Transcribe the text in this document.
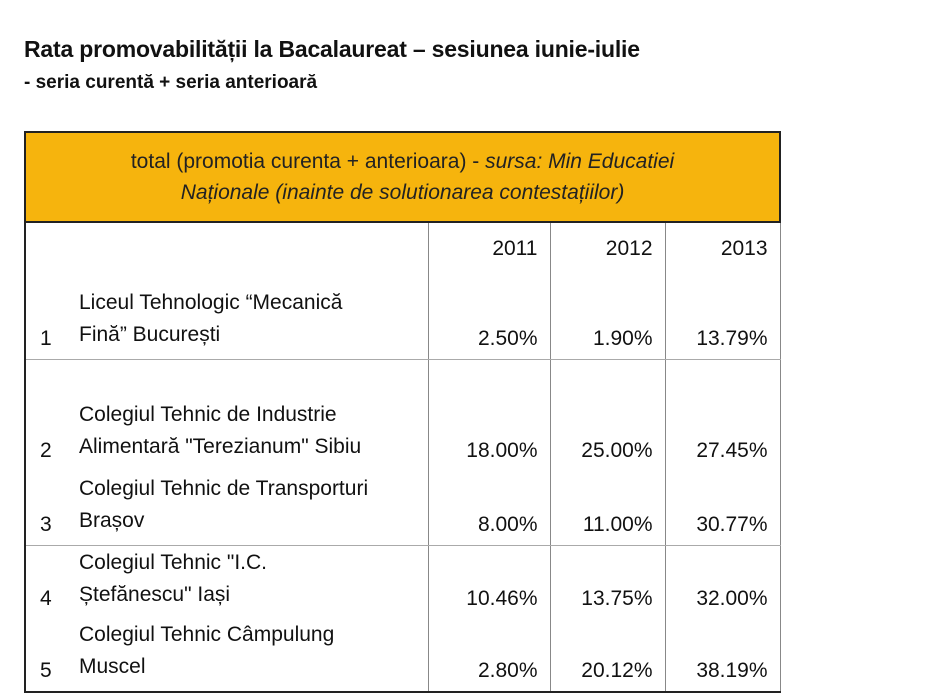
Rata promovabilității la Bacalaureat – sesiunea iunie-iulie
- seria curentă + seria anterioară
total (promotia curenta + anterioara) - sursa: Min Educatiei
Naționale (inainte de solutionarea contestațiilor)				
		2011	2012	2013
1	Liceul Tehnologic “Mecanică
Fină” București	2.50%	1.90%	13.79%
2	Colegiul Tehnic de Industrie
Alimentară "Terezianum" Sibiu	18.00%	25.00%	27.45%
3	Colegiul Tehnic de Transporturi
Brașov	8.00%	11.00%	30.77%
4	Colegiul Tehnic "I.C.
Ștefănescu" Iași	10.46%	13.75%	32.00%
5	Colegiul Tehnic Câmpulung
Muscel	2.80%	20.12%	38.19%
